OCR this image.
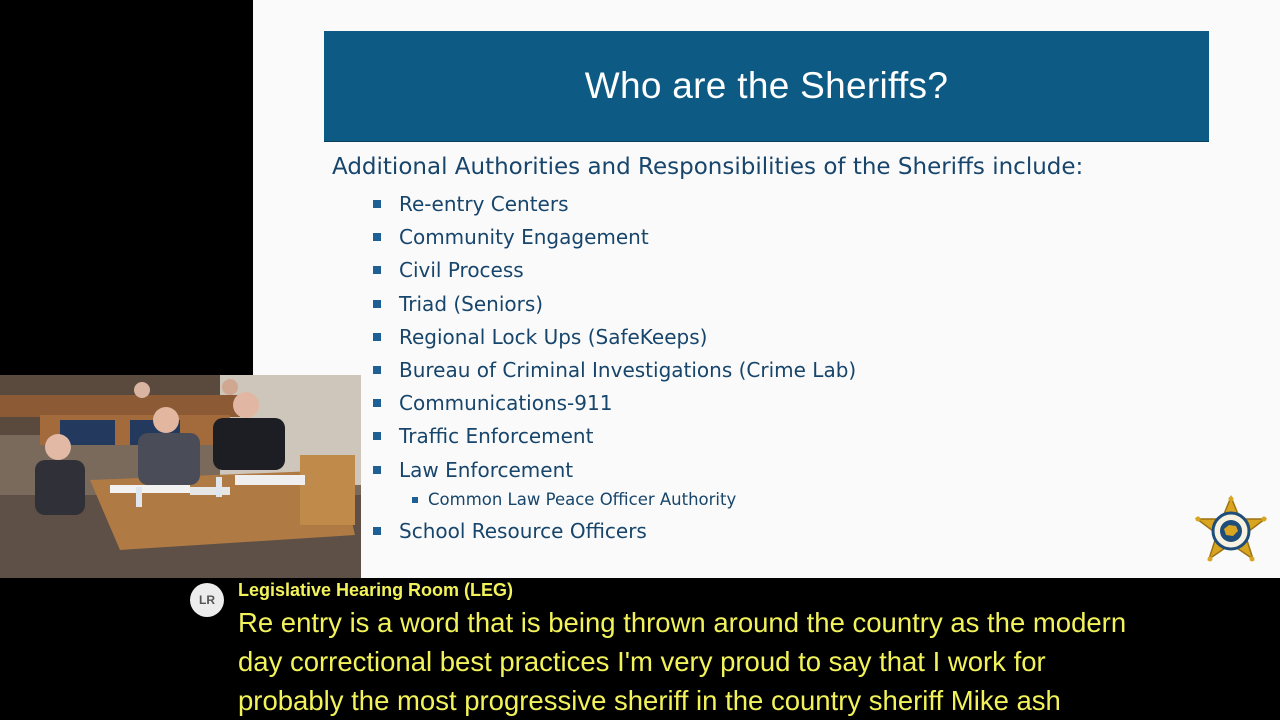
Who are the Sheriffs?
Additional Authorities and Responsibilities of the Sheriffs include:
Re-entry Centers
Community Engagement
Civil Process
Triad (Seniors)
Regional Lock Ups (SafeKeeps)
Bureau of Criminal Investigations (Crime Lab)
Communications-911
Traffic Enforcement
Law Enforcement
Common Law Peace Officer Authority
School Resource Officers
LR	Legislative Hearing Room (LEG)
Re entry is a word that is being thrown around the country as the modern
day correctional best practices I'm very proud to say that I work for
probably the most progressive sheriff in the country sheriff Mike ash
